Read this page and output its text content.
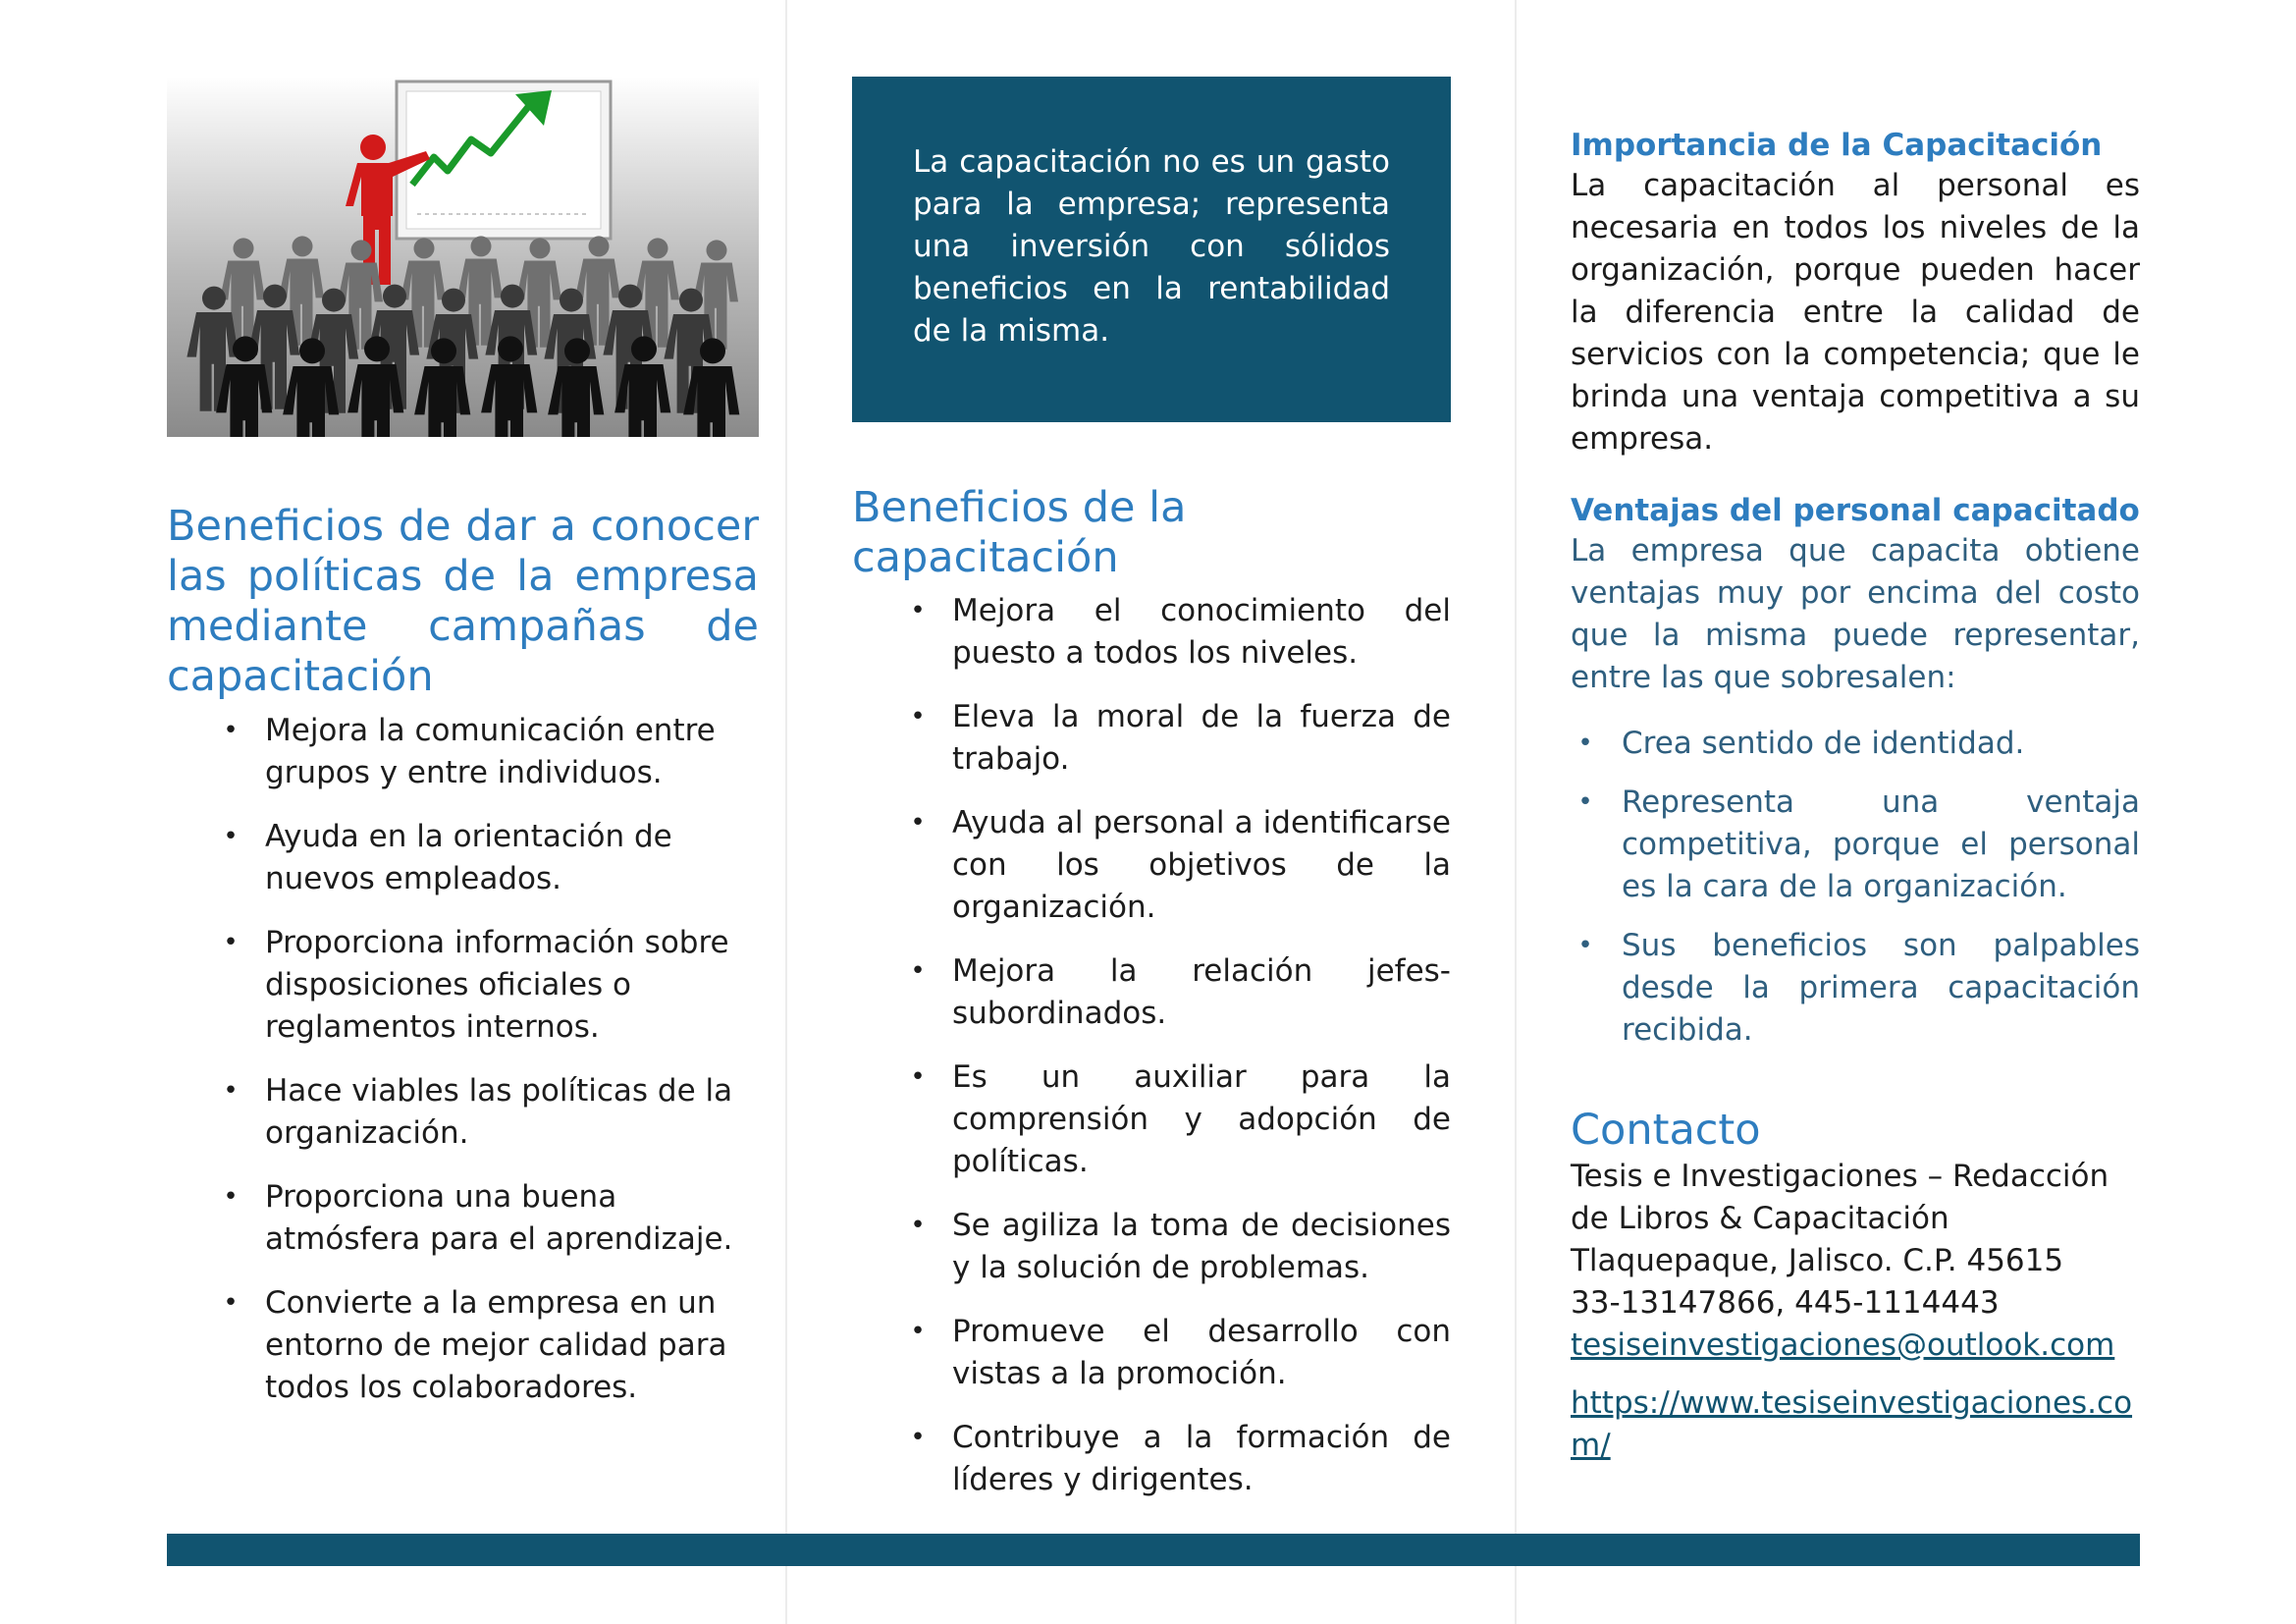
Beneficios de dar a conocer las políticas de la empresa mediante campañas de capacitación
• Mejora la comunicación entre grupos y entre individuos.
• Ayuda en la orientación de nuevos empleados.
• Proporciona información sobre disposiciones oficiales o reglamentos internos.
• Hace viables las políticas de la organización.
• Proporciona una buena atmósfera para el aprendizaje.
• Convierte a la empresa en un entorno de mejor calidad para todos los colaboradores.
La capacitación no es un gasto para la empresa; representa una inversión con sólidos beneficios en la rentabilidad de la misma.
Beneficios de la capacitación
• Mejora el conocimiento del puesto a todos los niveles.
• Eleva la moral de la fuerza de trabajo.
• Ayuda al personal a identificarse con los objetivos de la organización.
• Mejora la relación jefes-subordinados.
• Es un auxiliar para la comprensión y adopción de políticas.
• Se agiliza la toma de decisiones y la solución de problemas.
• Promueve el desarrollo con vistas a la promoción.
• Contribuye a la formación de líderes y dirigentes.
Importancia de la Capacitación

La capacitación al personal es necesaria en todos los niveles de la organización, porque pueden hacer la diferencia entre la calidad de servicios con la competencia; que le brinda una ventaja competitiva a su empresa.

Ventajas del personal capacitado

La empresa que capacita obtiene ventajas muy por encima del costo que la misma puede representar, entre las que sobresalen:

• Crea sentido de identidad.
• Representa una ventaja competitiva, porque el personal es la cara de la organización.
• Sus beneficios son palpables desde la primera capacitación recibida.
Contacto

Tesis e Investigaciones – Redacción de Libros & Capacitación

Tlaquepaque, Jalisco. C.P. 45615

33-13147866, 445-1114443

tesiseinvestigaciones@outlook.com
https://www.tesiseinvestigaciones.com/
